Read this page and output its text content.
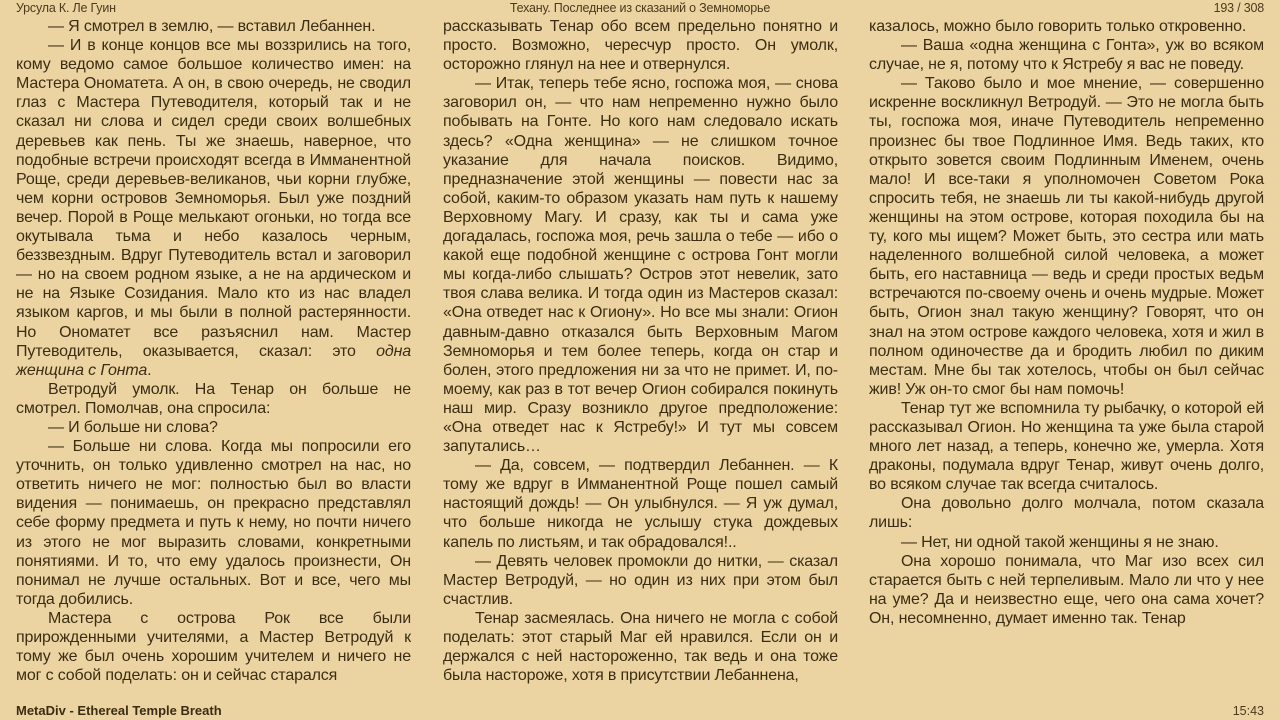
Урсула К. Ле Гуин	Техану. Последнее из сказаний о Земноморье	193 / 308

— Я смотрел в землю, — вставил Лебаннен.

— И в конце концов все мы воззрились на того, кому ведомо самое большое количество имен: на Мастера Ономатета. А он, в свою очередь, не сводил глаз с Мастера Путеводителя, который так и не сказал ни слова и сидел среди своих волшебных деревьев как пень. Ты же знаешь, наверное, что подобные встречи происходят всегда в Имманентной Роще, среди деревьев-великанов, чьи корни глубже, чем корни островов Земноморья. Был уже поздний вечер. Порой в Роще мелькают огоньки, но тогда все окутывала тьма и небо казалось черным, беззвездным. Вдруг Путеводитель встал и заговорил — но на своем родном языке, а не на ардическом и не на Языке Созидания. Мало кто из нас владел языком каргов, и мы были в полной растерянности. Но Ономатет все разъяснил нам. Мастер Путеводитель, оказывается, сказал: это одна женщина с Гонта.

Ветродуй умолк. На Тенар он больше не смотрел. Помолчав, она спросила:

— И больше ни слова?

— Больше ни слова. Когда мы попросили его уточнить, он только удивленно смотрел на нас, но ответить ничего не мог: полностью был во власти видения — понимаешь, он прекрасно представлял себе форму предмета и путь к нему, но почти ничего из этого не мог выразить словами, конкретными понятиями. И то, что ему удалось произнести, Он понимал не лучше остальных. Вот и все, чего мы тогда добились.

Мастера с острова Рок все были прирожденными учителями, а Мастер Ветродуй к тому же был очень хорошим учителем и ничего не мог с собой поделать: он и сейчас старался

рассказывать Тенар обо всем предельно понятно и просто. Возможно, чересчур просто. Он умолк, осторожно глянул на нее и отвернулся.

— Итак, теперь тебе ясно, госпожа моя, — снова заговорил он, — что нам непременно нужно было побывать на Гонте. Но кого нам следовало искать здесь? «Одна женщина» — не слишком точное указание для начала поисков. Видимо, предназначение этой женщины — повести нас за собой, каким-то образом указать нам путь к нашему Верховному Магу. И сразу, как ты и сама уже догадалась, госпожа моя, речь зашла о тебе — ибо о какой еще подобной женщине с острова Гонт могли мы когда-либо слышать? Остров этот невелик, зато твоя слава велика. И тогда один из Мастеров сказал: «Она отведет нас к Огиону». Но все мы знали: Огион давным-давно отказался быть Верховным Магом Земноморья и тем более теперь, когда он стар и болен, этого предложения ни за что не примет. И, по-моему, как раз в тот вечер Огион собирался покинуть наш мир. Сразу возникло другое предположение: «Она отведет нас к Ястребу!» И тут мы совсем запутались…

— Да, совсем, — подтвердил Лебаннен. — К тому же вдруг в Имманентной Роще пошел самый настоящий дождь! — Он улыбнулся. — Я уж думал, что больше никогда не услышу стука дождевых капель по листьям, и так обрадовался!..

— Девять человек промокли до нитки, — сказал Мастер Ветродуй, — но один из них при этом был счастлив.

Тенар засмеялась. Она ничего не могла с собой поделать: этот старый Маг ей нравился. Если он и держался с ней настороженно, так ведь и она тоже была настороже, хотя в присутствии Лебаннена,

казалось, можно было говорить только откровенно.

— Ваша «одна женщина с Гонта», уж во всяком случае, не я, потому что к Ястребу я вас не поведу.

— Таково было и мое мнение, — совершенно искренне воскликнул Ветродуй. — Это не могла быть ты, госпожа моя, иначе Путеводитель непременно произнес бы твое Подлинное Имя. Ведь таких, кто открыто зовется своим Подлинным Именем, очень мало! И все-таки я уполномочен Советом Рока спросить тебя, не знаешь ли ты какой-нибудь другой женщины на этом острове, которая походила бы на ту, кого мы ищем? Может быть, это сестра или мать наделенного волшебной силой человека, а может быть, его наставница — ведь и среди простых ведьм встречаются по-своему очень и очень мудрые. Может быть, Огион знал такую женщину? Говорят, что он знал на этом острове каждого человека, хотя и жил в полном одиночестве да и бродить любил по диким местам. Мне бы так хотелось, чтобы он был сейчас жив! Уж он-то смог бы нам помочь!

Тенар тут же вспомнила ту рыбачку, о которой ей рассказывал Огион. Но женщина та уже была старой много лет назад, а теперь, конечно же, умерла. Хотя драконы, подумала вдруг Тенар, живут очень долго, во всяком случае так всегда считалось.

Она довольно долго молчала, потом сказала лишь:

— Нет, ни одной такой женщины я не знаю.

Она хорошо понимала, что Маг изо всех сил старается быть с ней терпеливым. Мало ли что у нее на уме? Да и неизвестно еще, чего она сама хочет? Он, несомненно, думает именно так. Тенар

MetaDiv - Ethereal Temple Breath	15:43
